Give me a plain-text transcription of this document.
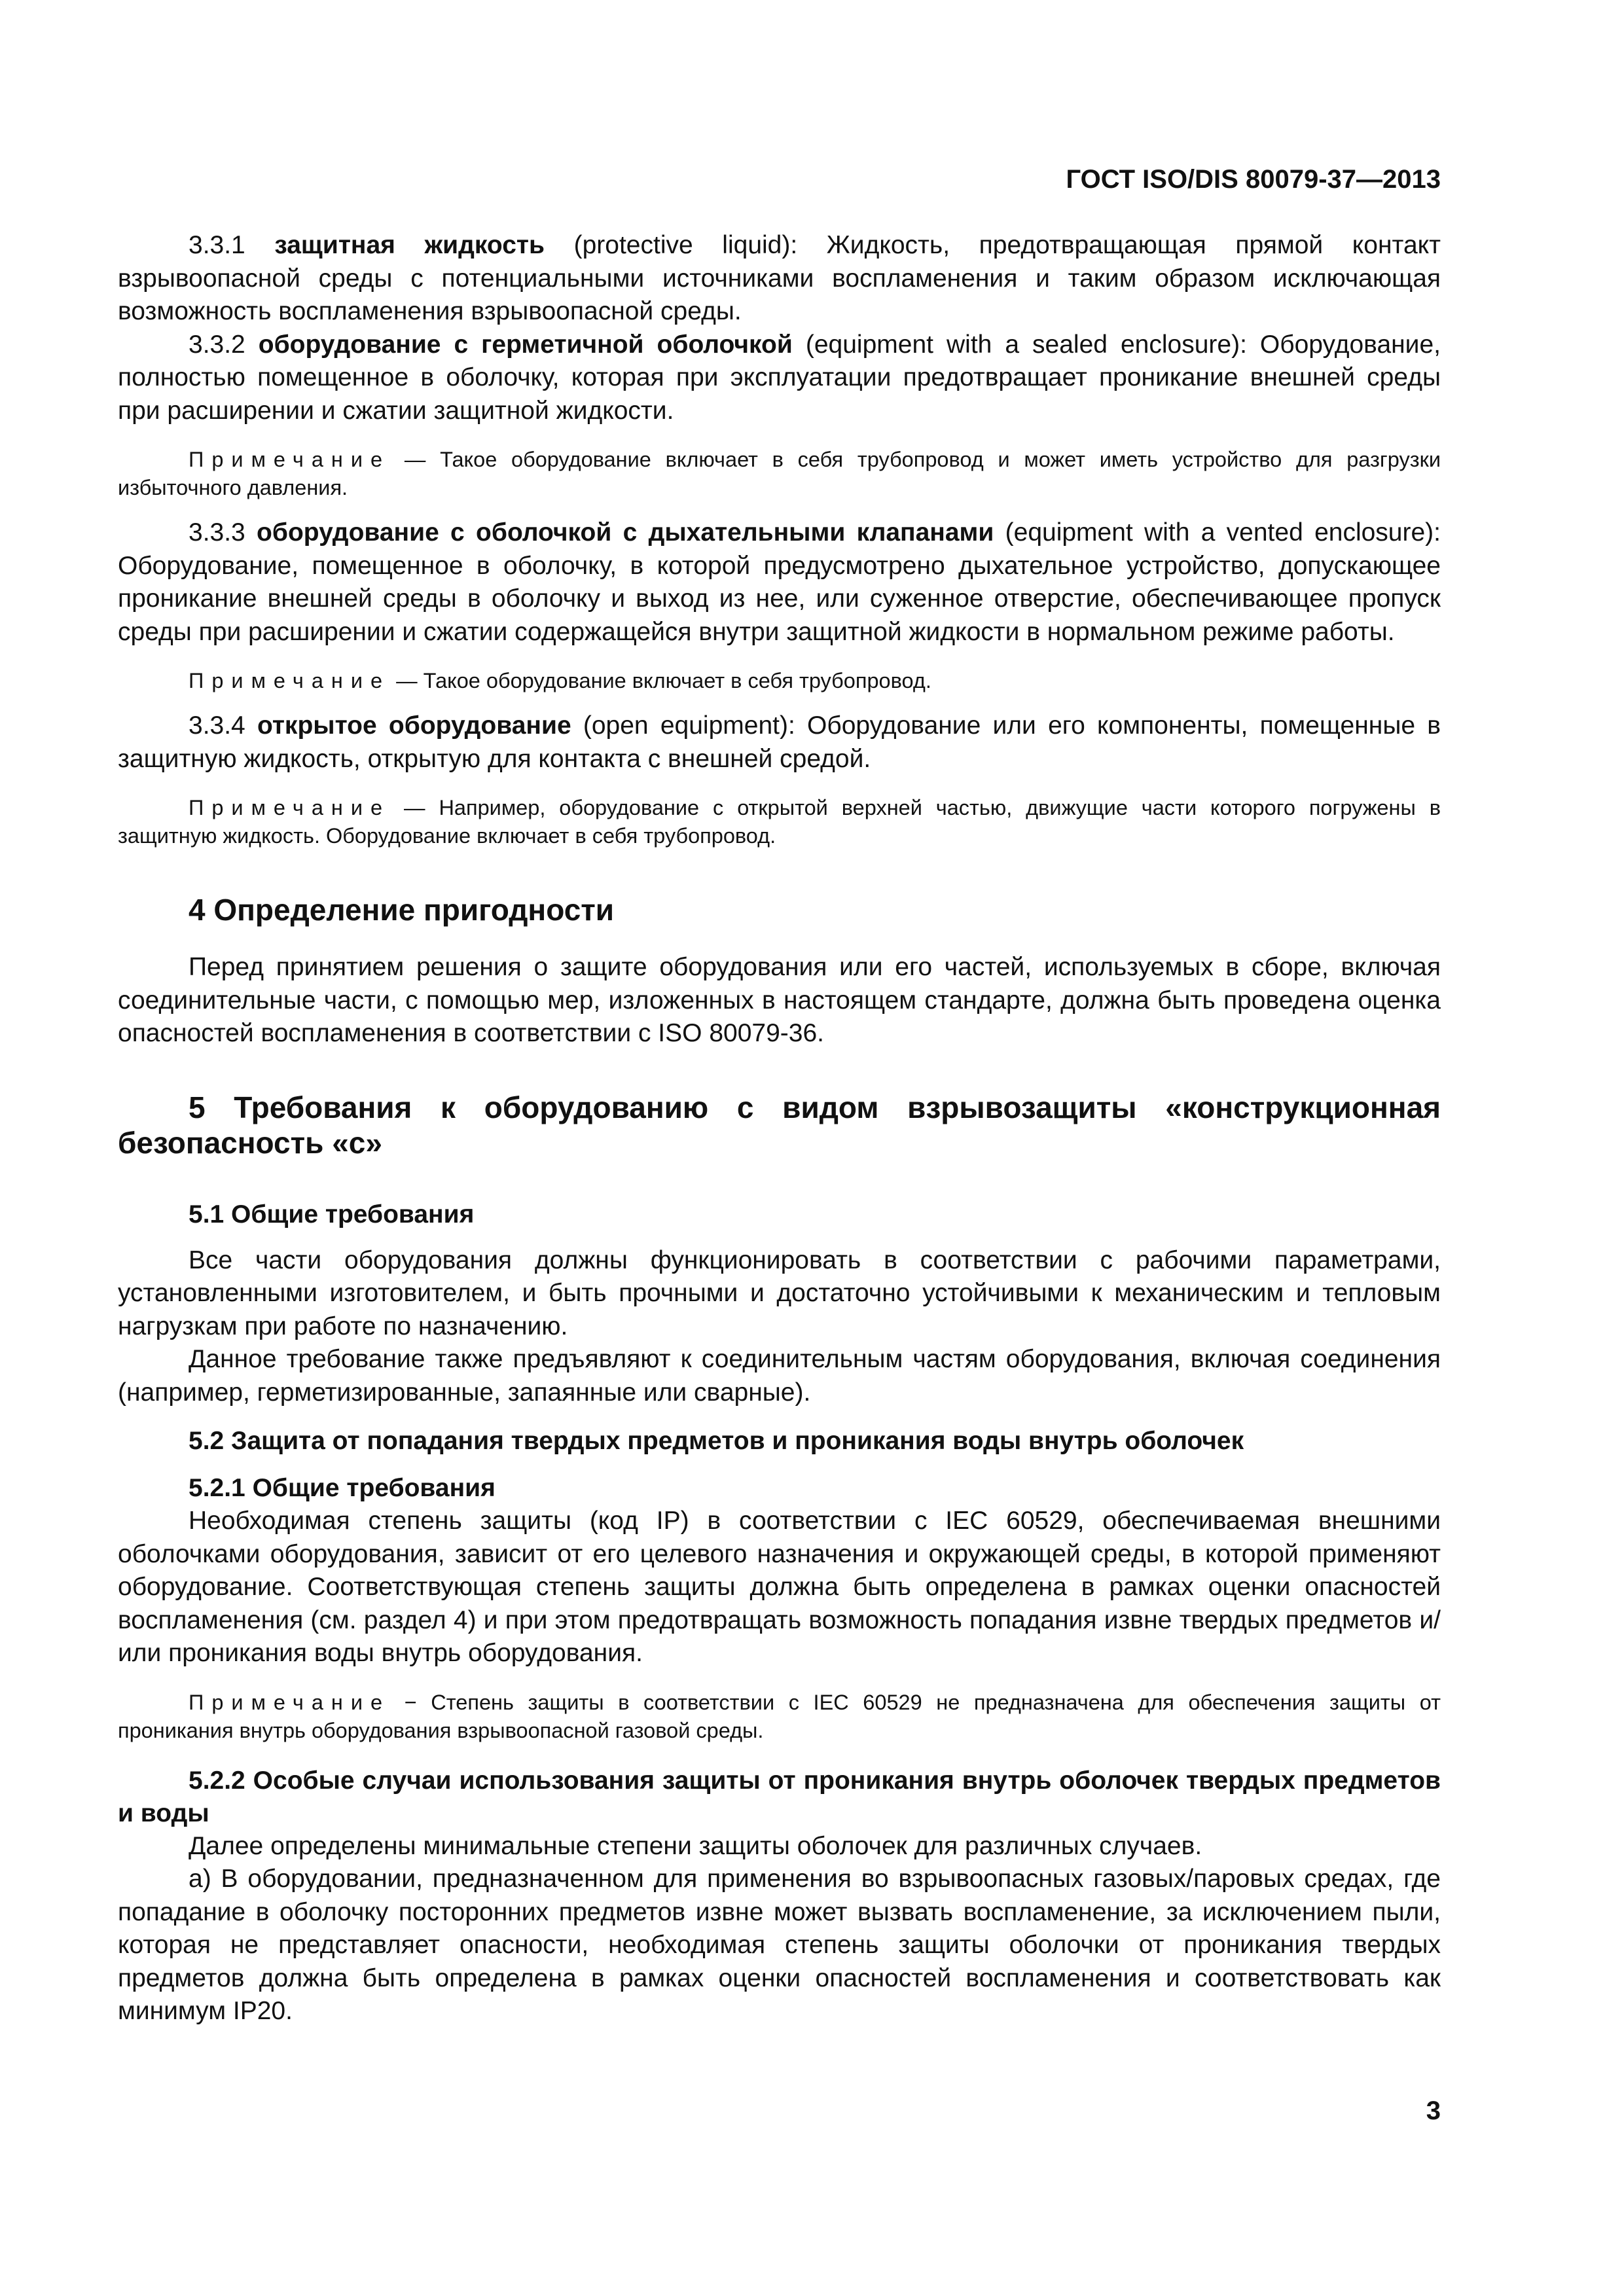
ГОСТ ISO/DIS 80079-37—2013

3.3.1 защитная жидкость (protective liquid): Жидкость, предотвращающая прямой контакт взрывоопасной среды с потенциальными источниками воспламенения и таким образом исключающая возможность воспламенения взрывоопасной среды.

3.3.2 оборудование с герметичной оболочкой (equipment with a sealed enclosure): Оборудование, полностью помещенное в оболочку, которая при эксплуатации предотвращает проникание внешней среды при расширении и сжатии защитной жидкости.

Примечание — Такое оборудование включает в себя трубопровод и может иметь устройство для разгрузки избыточного давления.

3.3.3 оборудование с оболочкой с дыхательными клапанами (equipment with a vented enclosure): Оборудование, помещенное в оболочку, в которой предусмотрено дыхательное устройство, допускающее проникание внешней среды в оболочку и выход из нее, или суженное отверстие, обеспечивающее пропуск среды при расширении и сжатии содержащейся внутри защитной жидкости в нормальном режиме работы.

Примечание — Такое оборудование включает в себя трубопровод.

3.3.4 открытое оборудование (open equipment): Оборудование или его компоненты, помещенные в защитную жидкость, открытую для контакта с внешней средой.

Примечание — Например, оборудование с открытой верхней частью, движущие части которого погружены в защитную жидкость. Оборудование включает в себя трубопровод.

4 Определение пригодности

Перед принятием решения о защите оборудования или его частей, используемых в сборе, включая соединительные части, с помощью мер, изложенных в настоящем стандарте, должна быть проведена оценка опасностей воспламенения в соответствии с ISO 80079-36.

5 Требования к оборудованию с видом взрывозащиты «конструкционная безопасность «с»
5.1 Общие требования

Все части оборудования должны функционировать в соответствии с рабочими параметрами, установленными изготовителем, и быть прочными и достаточно устойчивыми к механическим и тепловым нагрузкам при работе по назначению.

Данное требование также предъявляют к соединительным частям оборудования, включая соединения (например, герметизированные, запаянные или сварные).

5.2 Защита от попадания твердых предметов и проникания воды внутрь оболочек
5.2.1 Общие требования

Необходимая степень защиты (код IP) в соответствии с IEC 60529, обеспечиваемая внешними оболочками оборудования, зависит от его целевого назначения и окружающей среды, в которой применяют оборудование. Соответствующая степень защиты должна быть определена в рамках оценки опасностей воспламенения (см. раздел 4) и при этом предотвращать возможность попадания извне твердых предметов и/или проникания воды внутрь оборудования.

Примечание − Степень защиты в соответствии с IEC 60529 не предназначена для обеспечения защиты от проникания внутрь оборудования взрывоопасной газовой среды.

5.2.2 Особые случаи использования защиты от проникания внутрь оболочек твердых предметов и воды

Далее определены минимальные степени защиты оболочек для различных случаев.

а) В оборудовании, предназначенном для применения во взрывоопасных газовых/паровых средах, где попадание в оболочку посторонних предметов извне может вызвать воспламенение, за исключением пыли, которая не представляет опасности, необходимая степень защиты оболочки от проникания твердых предметов должна быть определена в рамках оценки опасностей воспламенения и соответствовать как минимум IP20.

3
